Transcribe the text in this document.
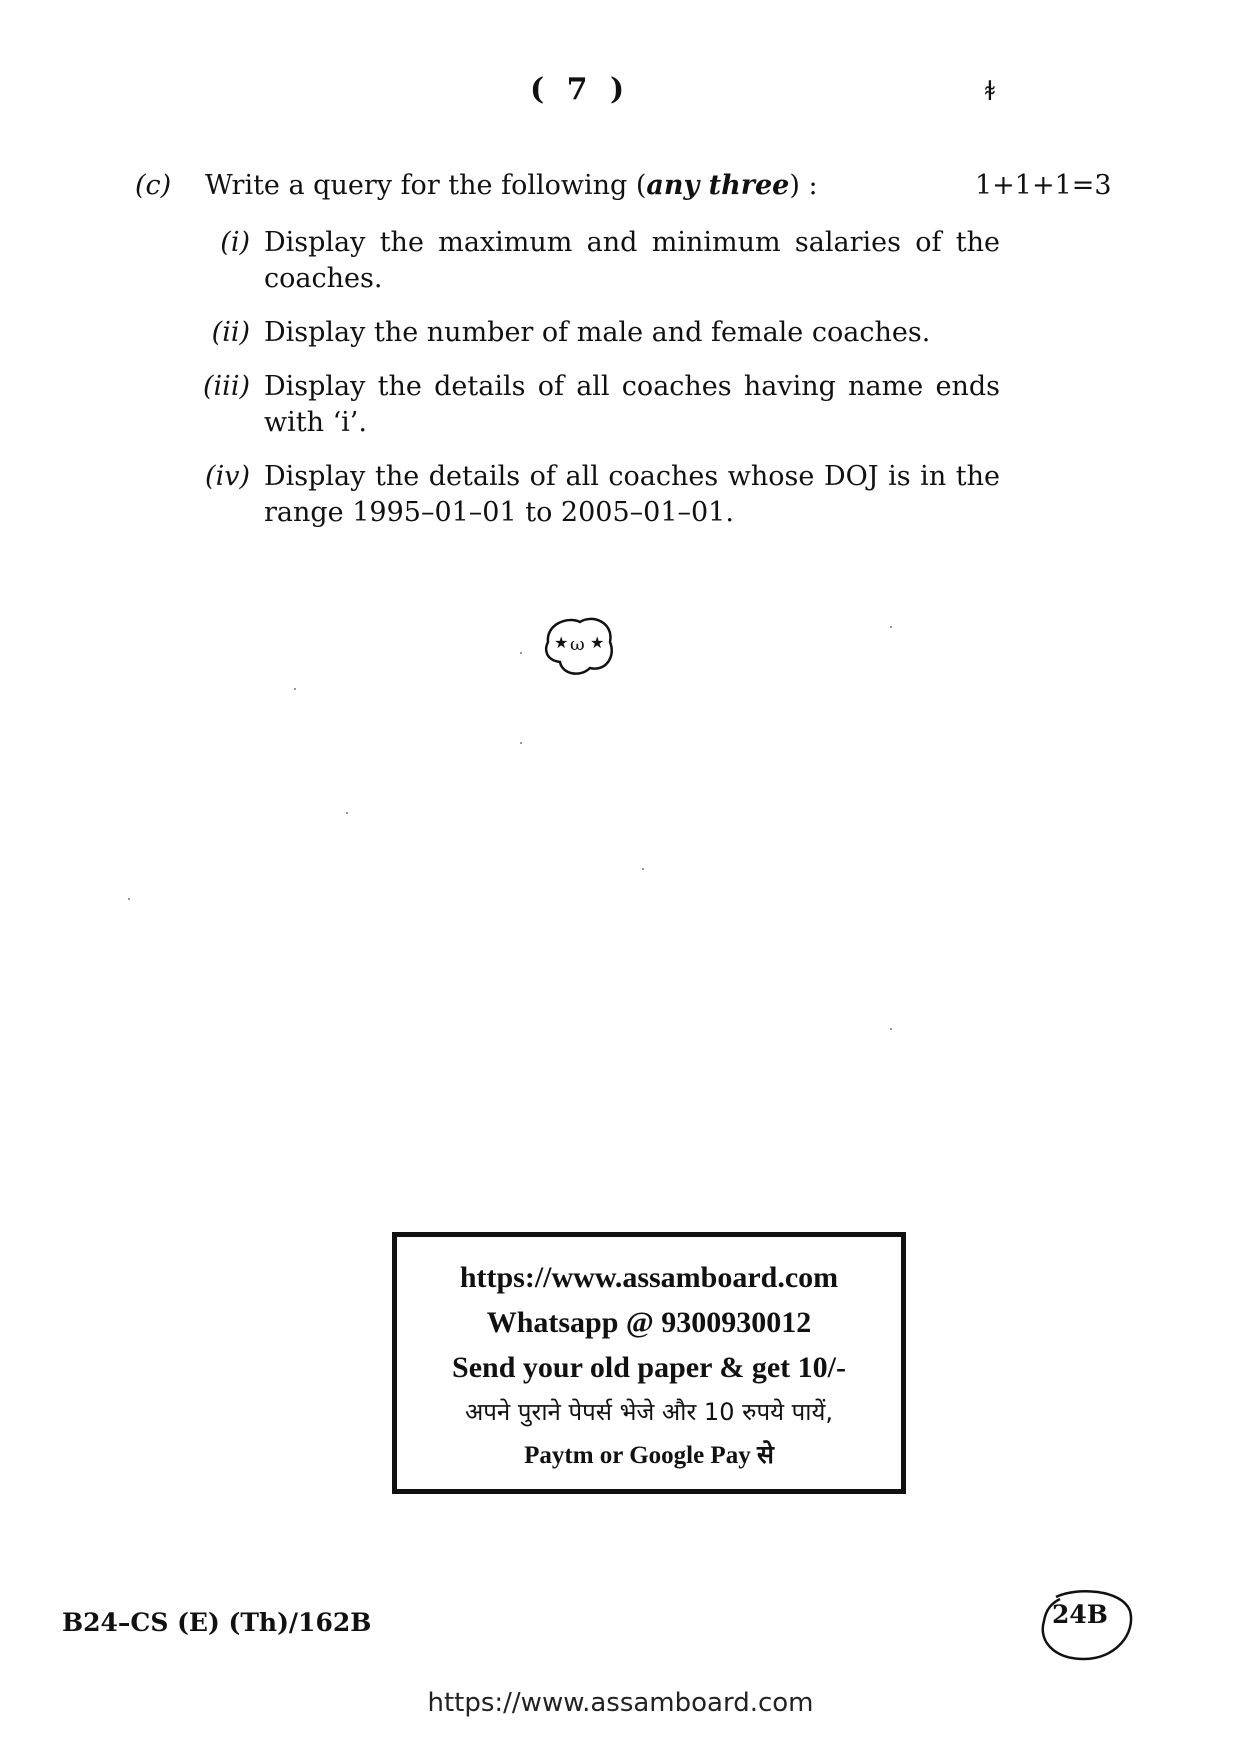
( 7 )	ꬸ
(c)	Write a query for the following (any three) :	1+1+1=3
(i) Display the maximum and minimum salaries of the coaches.
(ii) Display the number of male and female coaches.
(iii) Display the details of all coaches having name ends with ‘i’.
(iv) Display the details of all coaches whose DOJ is in the range 1995–01–01 to 2005–01–01.
★ ω ★
https://www.assamboard.com
Whatsapp @ 9300930012
Send your old paper & get 10/-
अपने पुराने पेपर्स भेजे और 10 रुपये पायें,
Paytm or Google Pay से
B24–CS (E) (Th)/162B	24B
https://www.assamboard.com
